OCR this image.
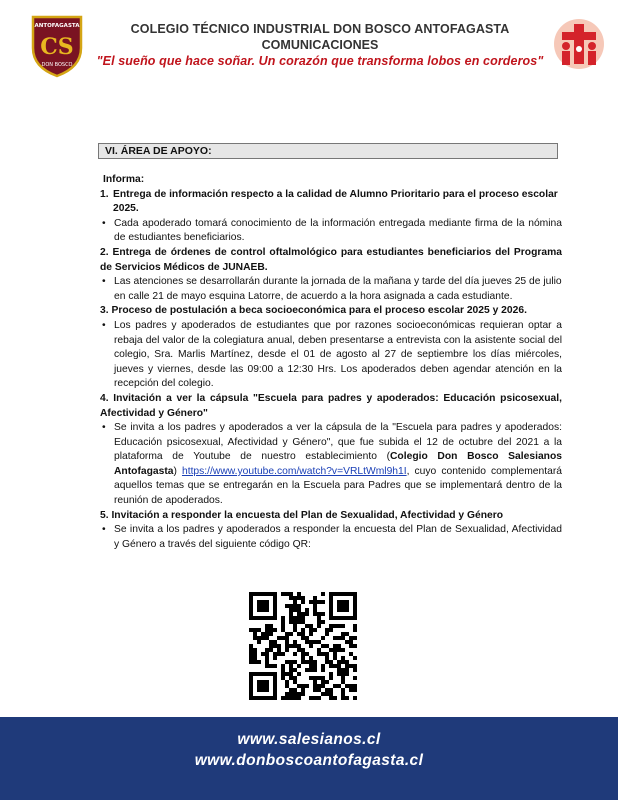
ANTOFAGASTA
CS
DON BOSCO
COLEGIO TÉCNICO INDUSTRIAL DON BOSCO ANTOFAGASTA
COMUNICACIONES
"El sueño que hace soñar. Un corazón que transforma lobos en corderos"
VI. ÁREA DE APOYO:

Informa:

1. Entrega de información respecto a la calidad de Alumno Prioritario para el proceso escolar 2025.
• Cada apoderado tomará conocimiento de la información entregada mediante firma de la nómina de estudiantes beneficiarios.

2. Entrega de órdenes de control oftalmológico para estudiantes beneficiarios del Programa de Servicios Médicos de JUNAEB.

• Las atenciones se desarrollarán durante la jornada de la mañana y tarde del día jueves 25 de julio en calle 21 de mayo esquina Latorre, de acuerdo a la hora asignada a cada estudiante.

3. Proceso de postulación a beca socioeconómica para el proceso escolar 2025 y 2026.

• Los padres y apoderados de estudiantes que por razones socioeconómicas requieran optar a rebaja del valor de la colegiatura anual, deben presentarse a entrevista con la asistente social del colegio, Sra. Marlis Martínez, desde el 01 de agosto al 27 de septiembre los días miércoles, jueves y viernes, desde las 09:00 a 12:30 Hrs. Los apoderados deben agendar atención en la recepción del colegio.

4. Invitación a ver la cápsula "Escuela para padres y apoderados: Educación psicosexual, Afectividad y Género"

• Se invita a los padres y apoderados a ver la cápsula de la "Escuela para padres y apoderados: Educación psicosexual, Afectividad y Género", que fue subida el 12 de octubre del 2021 a la plataforma de Youtube de nuestro establecimiento (Colegio Don Bosco Salesianos Antofagasta) https://www.youtube.com/watch?v=VRLtWml9h1I, cuyo contenido complementará aquellos temas que se entregarán en la Escuela para Padres que se implementará dentro de la reunión de apoderados.

5. Invitación a responder la encuesta del Plan de Sexualidad, Afectividad y Género

• Se invita a los padres y apoderados a responder la encuesta del Plan de Sexualidad, Afectividad y Género a través del siguiente código QR:
www.salesianos.cl
www.donboscoantofagasta.cl
